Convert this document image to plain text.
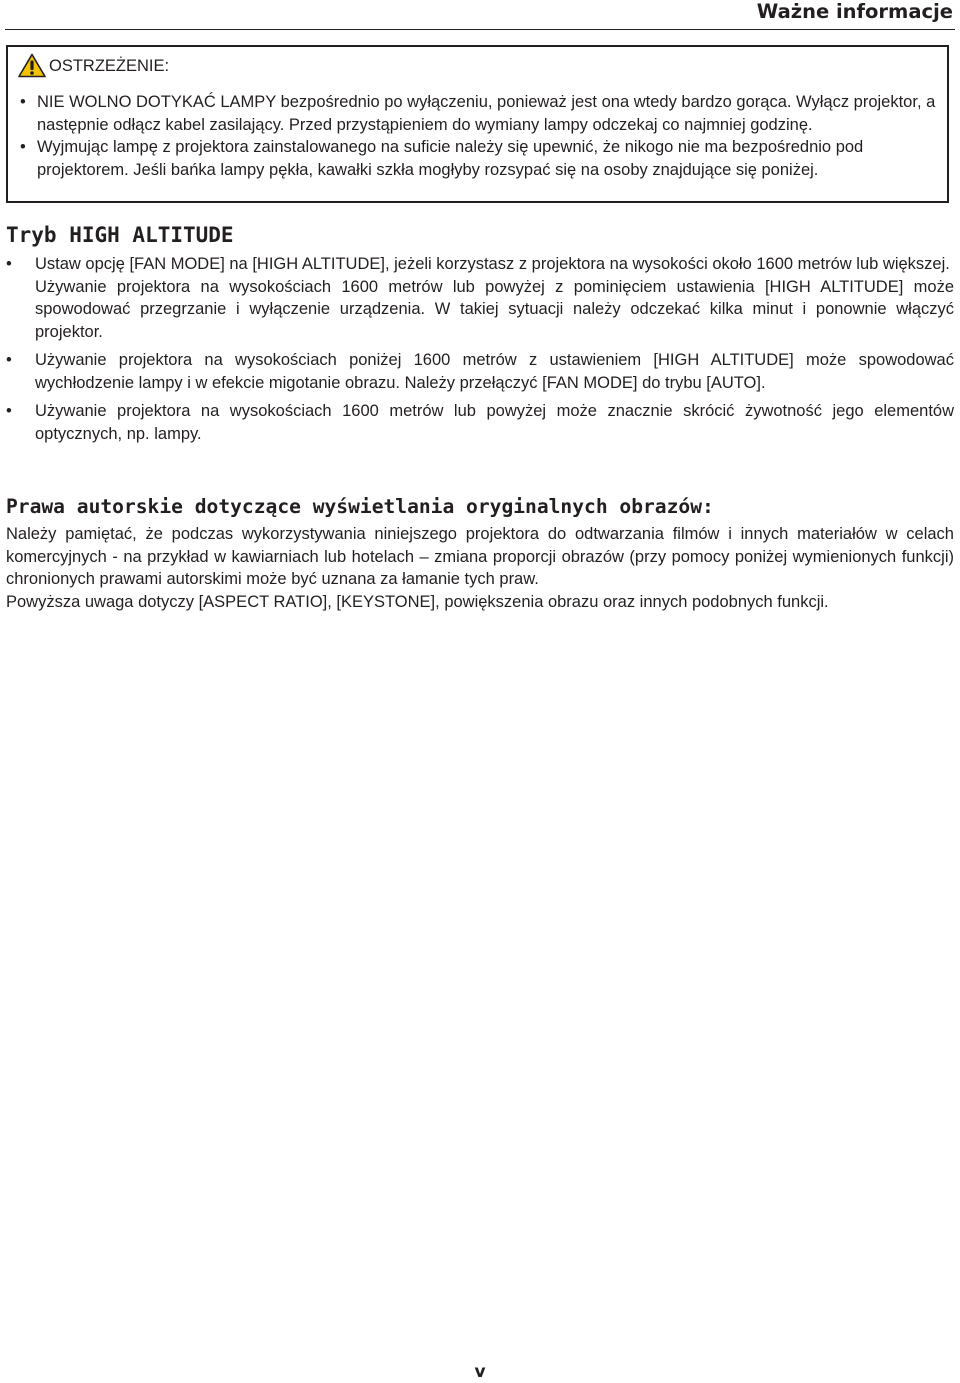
Ważne informacje
OSTRZEŻENIE:
• NIE WOLNO DOTYKAĆ LAMPY bezpośrednio po wyłączeniu, ponieważ jest ona wtedy bardzo gorąca. Wyłącz projektor, a następnie odłącz kabel zasilający. Przed przystąpieniem do wymiany lampy odczekaj co najmniej godzinę.
• Wyjmując lampę z projektora zainstalowanego na suficie należy się upewnić, że nikogo nie ma bezpośrednio pod projektorem. Jeśli bańka lampy pękła, kawałki szkła mogłyby rozsypać się na osoby znajdujące się poniżej.
Tryb HIGH ALTITUDE
• Ustaw opcję [FAN MODE] na [HIGH ALTITUDE], jeżeli korzystasz z projektora na wysokości około 1600 metrów lub większej.

Używanie projektora na wysokościach 1600 metrów lub powyżej z pominięciem ustawienia [HIGH ALTITUDE] może spowodować przegrzanie i wyłączenie urządzenia. W takiej sytuacji należy odczekać kilka minut i ponownie włączyć projektor.

• Używanie projektora na wysokościach poniżej 1600 metrów z ustawieniem [HIGH ALTITUDE] może spowodować wychłodzenie lampy i w efekcie migotanie obrazu. Należy przełączyć [FAN MODE] do trybu [AUTO].

• Używanie projektora na wysokościach 1600 metrów lub powyżej może znacznie skrócić żywotność jego elementów optycznych, np. lampy.

Prawa autorskie dotyczące wyświetlania oryginalnych obrazów:

Należy pamiętać, że podczas wykorzystywania niniejszego projektora do odtwarzania filmów i innych materiałów w celach komercyjnych - na przykład w kawiarniach lub hotelach – zmiana proporcji obrazów (przy pomocy poniżej wymienionych funkcji) chronionych prawami autorskimi może być uznana za łamanie tych praw.

Powyższa uwaga dotyczy [ASPECT RATIO], [KEYSTONE], powiększenia obrazu oraz innych podobnych funkcji.

v
